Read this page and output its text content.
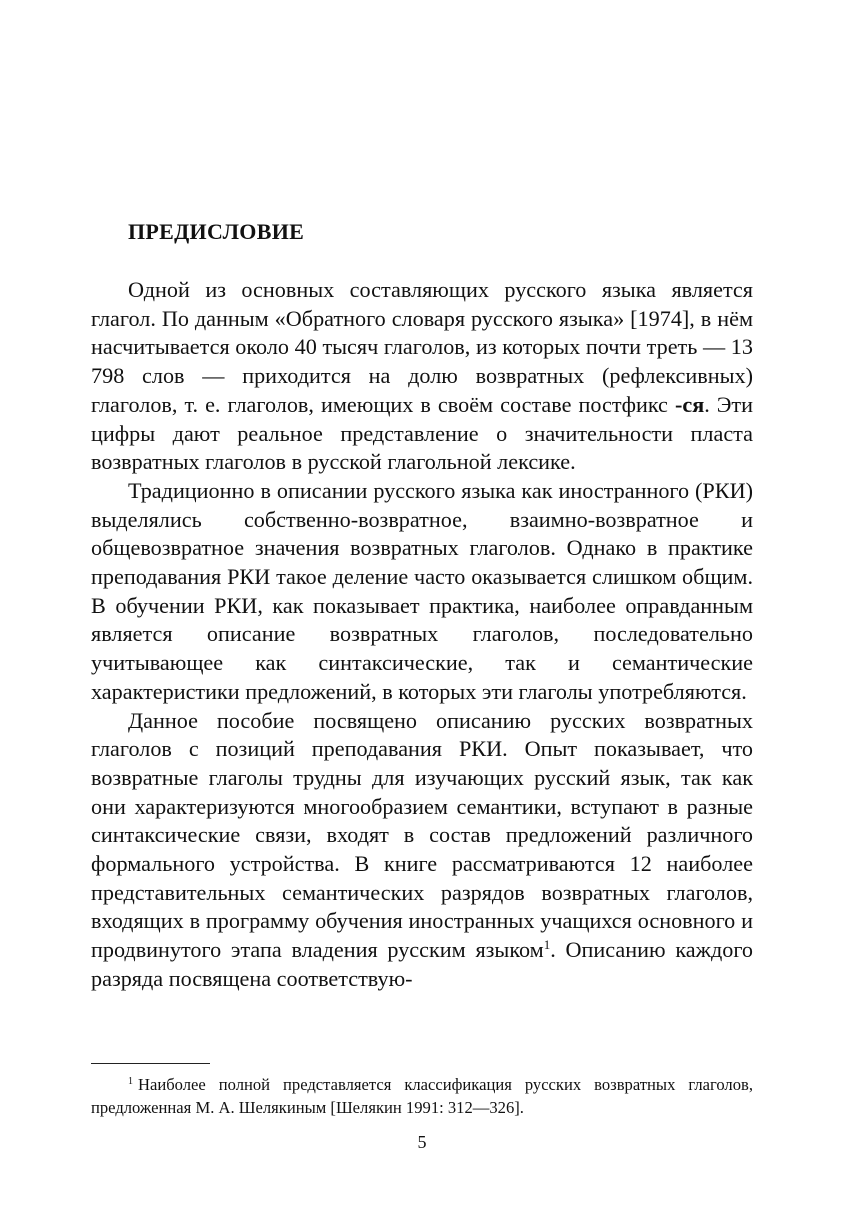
ПРЕДИСЛОВИЕ

Одной из основных составляющих русского языка является глагол. По данным «Обратного словаря русского языка» [1974], в нём насчитывается около 40 тысяч глаголов, из которых почти треть — 13 798 слов — приходится на долю возвратных (рефлексивных) глаголов, т. е. глаголов, имеющих в своём составе постфикс -ся. Эти цифры дают реальное представление о значительности пласта возвратных глаголов в русской глагольной лексике.

Традиционно в описании русского языка как иностранного (РКИ) выделялись собственно-возвратное, взаимно-возвратное и общевозвратное значения возвратных глаголов. Однако в практике преподавания РКИ такое деление часто оказывается слишком общим. В обучении РКИ, как показывает практика, наиболее оправданным является описание возвратных глаголов, последовательно учитывающее как синтаксические, так и семантические характеристики предложений, в которых эти глаголы употребляются.

Данное пособие посвящено описанию русских возвратных глаголов с позиций преподавания РКИ. Опыт показывает, что возвратные глаголы трудны для изучающих русский язык, так как они характеризуются многообразием семантики, вступают в разные синтаксические связи, входят в состав предложений различного формального устройства. В книге рассматриваются 12 наиболее представительных семантических разрядов возвратных глаголов, входящих в программу обучения иностранных учащихся основного и продвинутого этапа владения русским языком$^1$. Описанию каждого разряда посвящена соответствую-

$^1$ Наиболее полной представляется классификация русских возвратных глаголов, предложенная М. А. Шелякиным [Шелякин 1991: 312—326].

5
